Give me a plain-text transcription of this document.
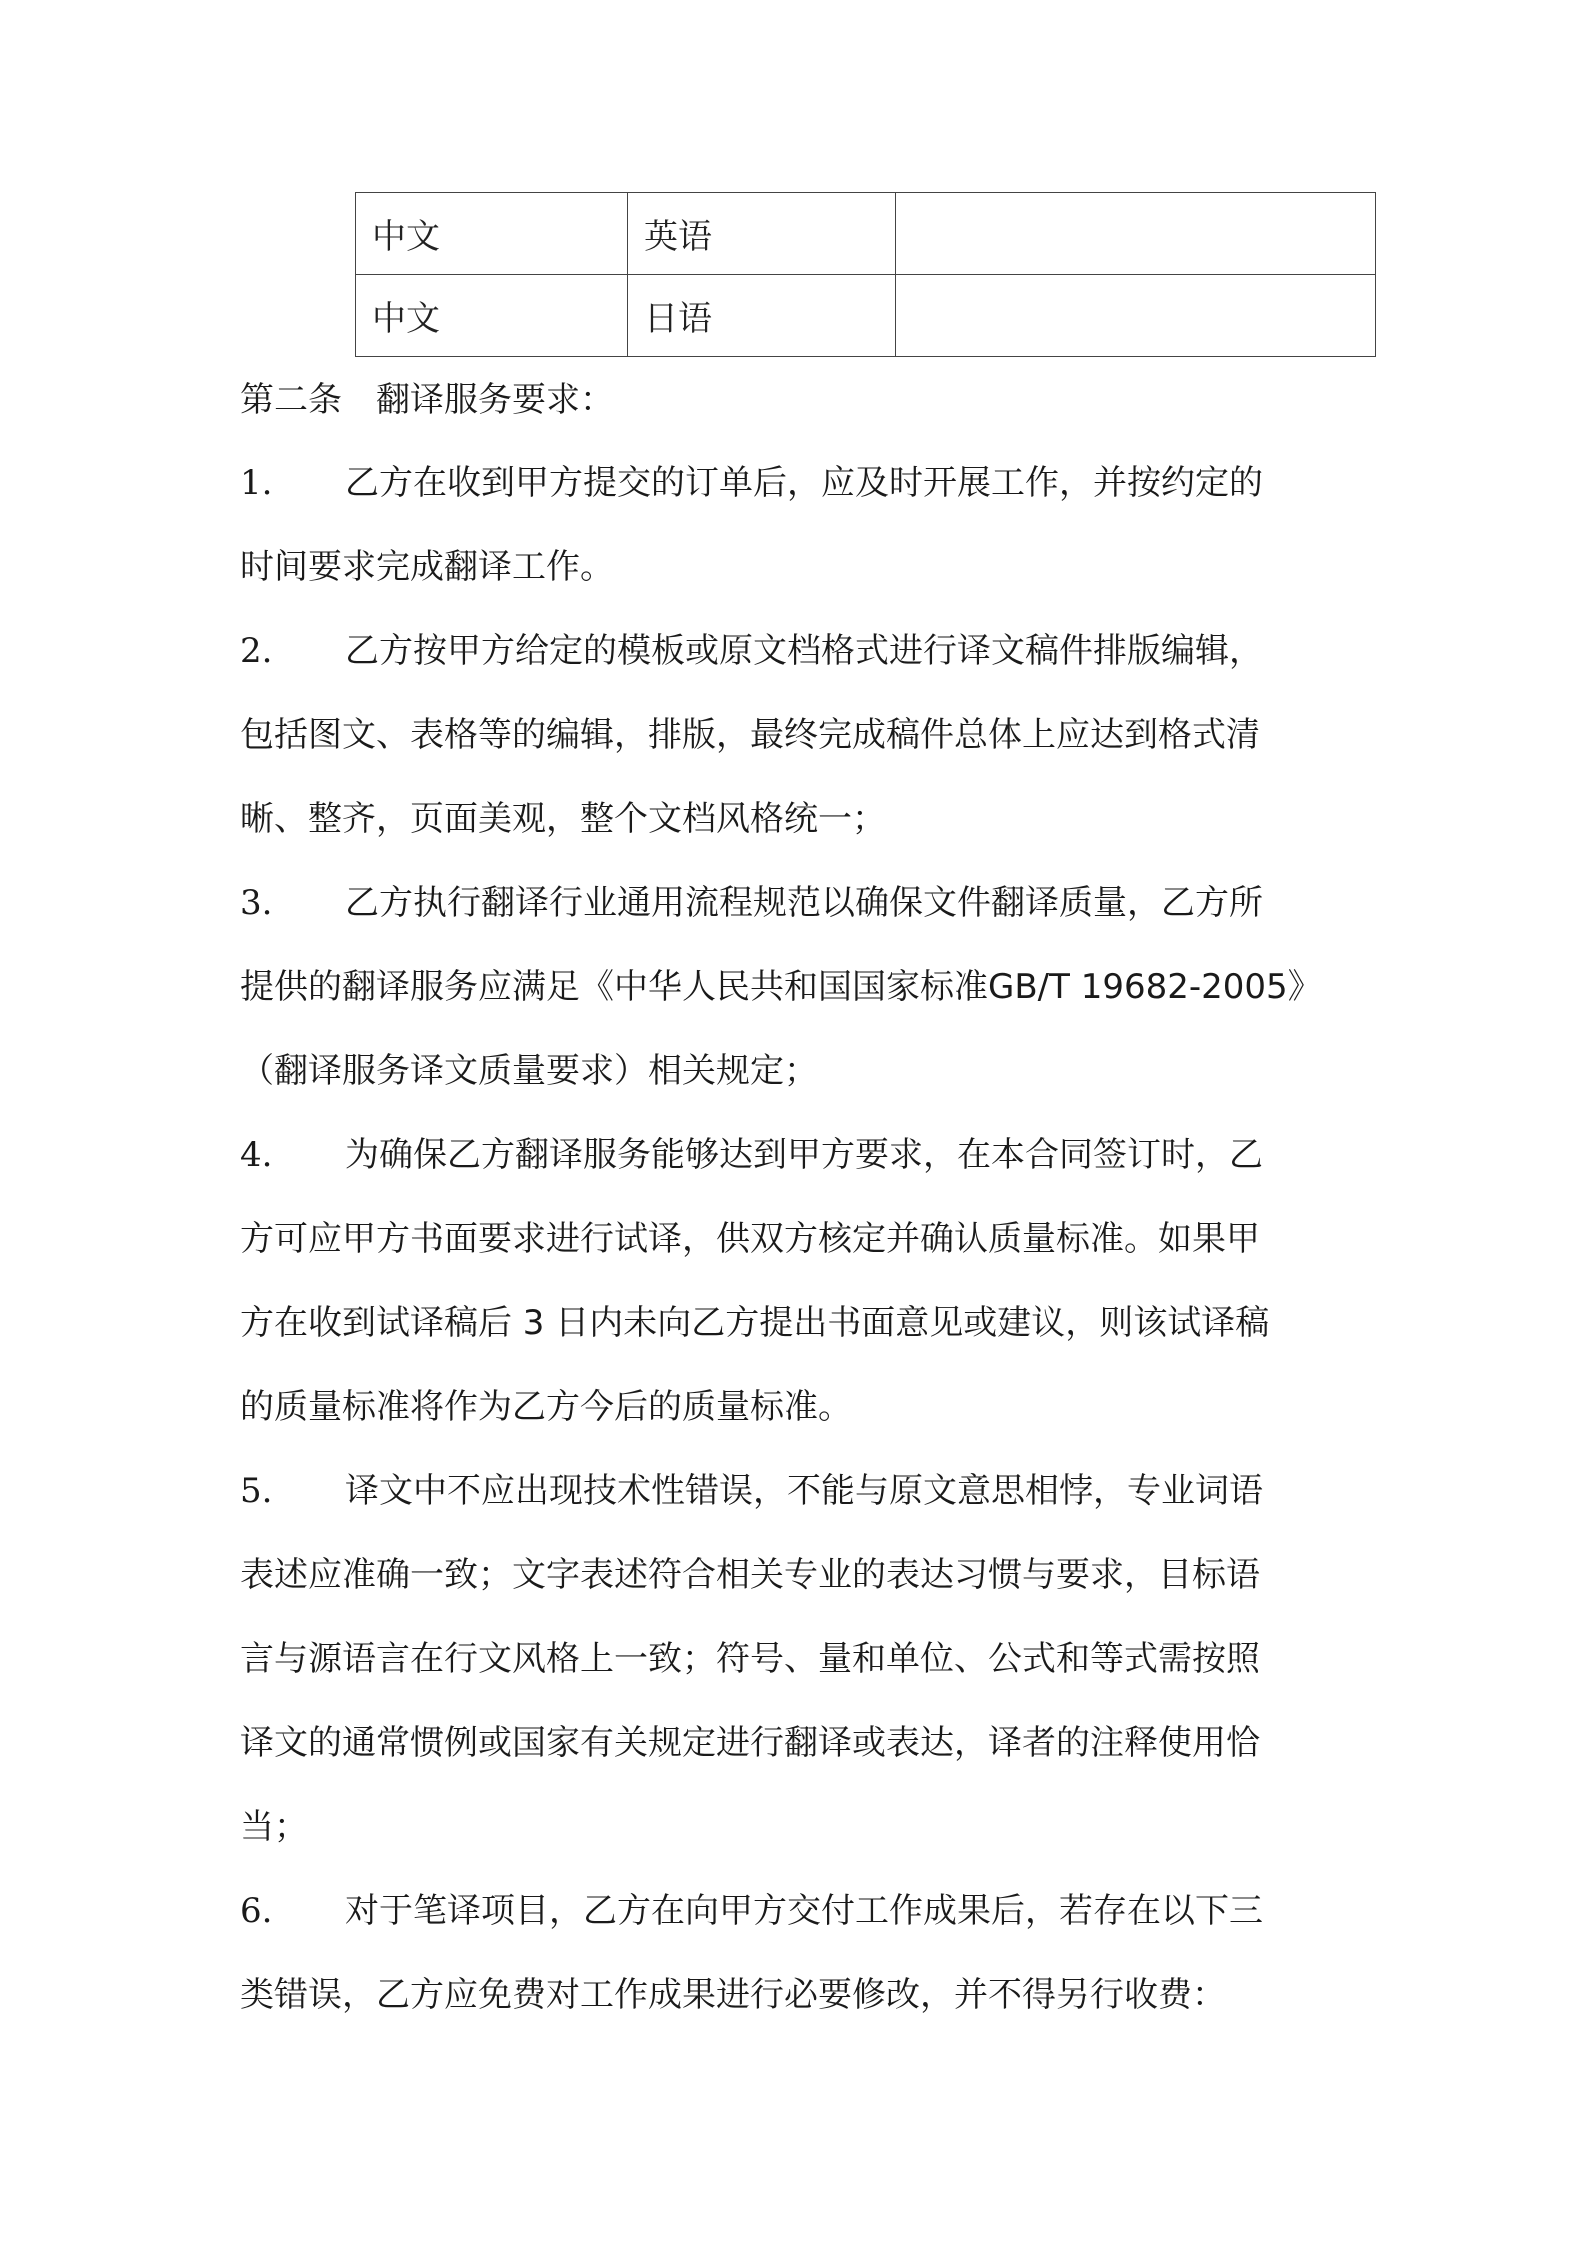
中文	英语	
中文	日语	
第二条　翻译服务要求：
1. 乙方在收到甲方提交的订单后，应及时开展工作，并按约定的
时间要求完成翻译工作。
2. 乙方按甲方给定的模板或原文档格式进行译文稿件排版编辑，
包括图文、表格等的编辑，排版，最终完成稿件总体上应达到格式清
晰、整齐，页面美观，整个文档风格统一；
3. 乙方执行翻译行业通用流程规范以确保文件翻译质量，乙方所
提供的翻译服务应满足《中华人民共和国国家标准GB/T 19682-2005》
（翻译服务译文质量要求）相关规定；
4. 为确保乙方翻译服务能够达到甲方要求，在本合同签订时，乙
方可应甲方书面要求进行试译，供双方核定并确认质量标准。如果甲
方在收到试译稿后 3 日内未向乙方提出书面意见或建议，则该试译稿
的质量标准将作为乙方今后的质量标准。
5. 译文中不应出现技术性错误，不能与原文意思相悖，专业词语
表述应准确一致；文字表述符合相关专业的表达习惯与要求，目标语
言与源语言在行文风格上一致；符号、量和单位、公式和等式需按照
译文的通常惯例或国家有关规定进行翻译或表达，译者的注释使用恰
当；
6. 对于笔译项目，乙方在向甲方交付工作成果后，若存在以下三
类错误，乙方应免费对工作成果进行必要修改，并不得另行收费：
